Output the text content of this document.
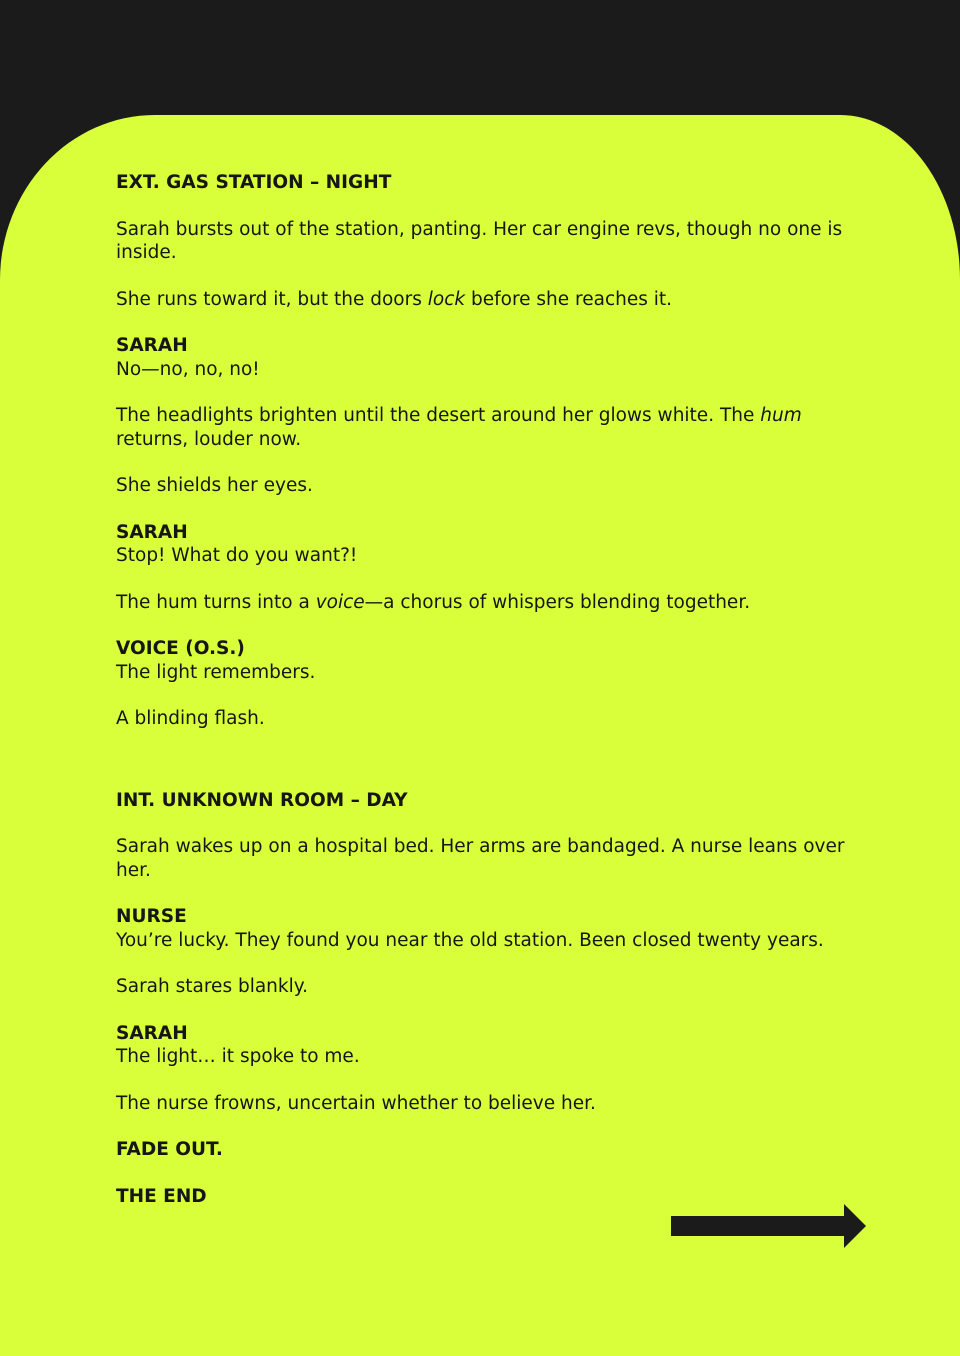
EXT. GAS STATION – NIGHT

Sarah bursts out of the station, panting. Her car engine revs, though no one is inside.

She runs toward it, but the doors lock before she reaches it.

SARAH
No—no, no, no!

The headlights brighten until the desert around her glows white. The hum returns, louder now.

She shields her eyes.

SARAH
Stop! What do you want?!

The hum turns into a voice—a chorus of whispers blending together.

VOICE (O.S.)
The light remembers.

A blinding flash.

INT. UNKNOWN ROOM – DAY

Sarah wakes up on a hospital bed. Her arms are bandaged. A nurse leans over her.

NURSE
You’re lucky. They found you near the old station. Been closed twenty years.

Sarah stares blankly.

SARAH
The light… it spoke to me.

The nurse frowns, uncertain whether to believe her.

FADE OUT.

THE END
